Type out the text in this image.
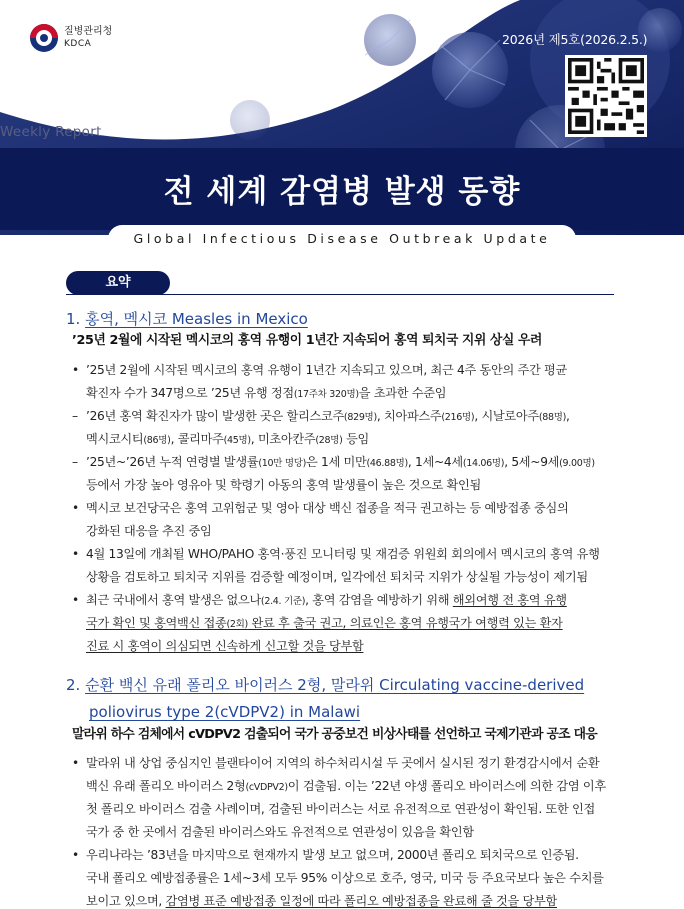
질병관리청
KDCA	2026년 제5호(2026.2.5.)
Weekly Report
전 세계 감염병 발생 동향
Global Infectious Disease Outbreak Update
요약
1. 홍역, 멕시코 Measles in Mexico
’25년 2월에 시작된 멕시코의 홍역 유행이 1년간 지속되어 홍역 퇴치국 지위 상실 우려
• ’25년 2월에 시작된 멕시코의 홍역 유행이 1년간 지속되고 있으며, 최근 4주 동안의 주간 평균
확진자 수가 347명으로 ’25년 유행 정점(17주차 320명)을 초과한 수준임
– ’26년 홍역 확진자가 많이 발생한 곳은 할리스코주(829명), 치아파스주(216명), 시날로아주(88명),
멕시코시티(86명), 콜리마주(45명), 미초아칸주(28명) 등임
– ’25년~’26년 누적 연령별 발생률(10만 명당)은 1세 미만(46.88명), 1세~4세(14.06명), 5세~9세(9.00명)
등에서 가장 높아 영유아 및 학령기 아동의 홍역 발생률이 높은 것으로 확인됨
• 멕시코 보건당국은 홍역 고위험군 및 영아 대상 백신 접종을 적극 권고하는 등 예방접종 중심의
강화된 대응을 추진 중임
• 4월 13일에 개최될 WHO/PAHO 홍역·풍진 모니터링 및 재검증 위원회 회의에서 멕시코의 홍역 유행
상황을 검토하고 퇴치국 지위를 검증할 예정이며, 일각에선 퇴치국 지위가 상실될 가능성이 제기됨
• 최근 국내에서 홍역 발생은 없으나(2.4. 기준), 홍역 감염을 예방하기 위해 해외여행 전 홍역 유행
국가 확인 및 홍역백신 접종(2회) 완료 후 출국 권고, 의료인은 홍역 유행국가 여행력 있는 환자
진료 시 홍역이 의심되면 신속하게 신고할 것을 당부함
2. 순환 백신 유래 폴리오 바이러스 2형, 말라위 Circulating vaccine-derived
poliovirus type 2(cVDPV2) in Malawi
말라위 하수 검체에서 cVDPV2 검출되어 국가 공중보건 비상사태를 선언하고 국제기관과 공조 대응
• 말라위 내 상업 중심지인 블랜타이어 지역의 하수처리시설 두 곳에서 실시된 정기 환경감시에서 순환
백신 유래 폴리오 바이러스 2형(cVDPV2)이 검출됨. 이는 ’22년 야생 폴리오 바이러스에 의한 감염 이후
첫 폴리오 바이러스 검출 사례이며, 검출된 바이러스는 서로 유전적으로 연관성이 확인됨. 또한 인접
국가 중 한 곳에서 검출된 바이러스와도 유전적으로 연관성이 있음을 확인함
• 우리나라는 ’83년을 마지막으로 현재까지 발생 보고 없으며, 2000년 폴리오 퇴치국으로 인증됨.
국내 폴리오 예방접종률은 1세~3세 모두 95% 이상으로 호주, 영국, 미국 등 주요국보다 높은 수치를
보이고 있으며, 감염병 표준 예방접종 일정에 따라 폴리오 예방접종을 완료해 줄 것을 당부함
